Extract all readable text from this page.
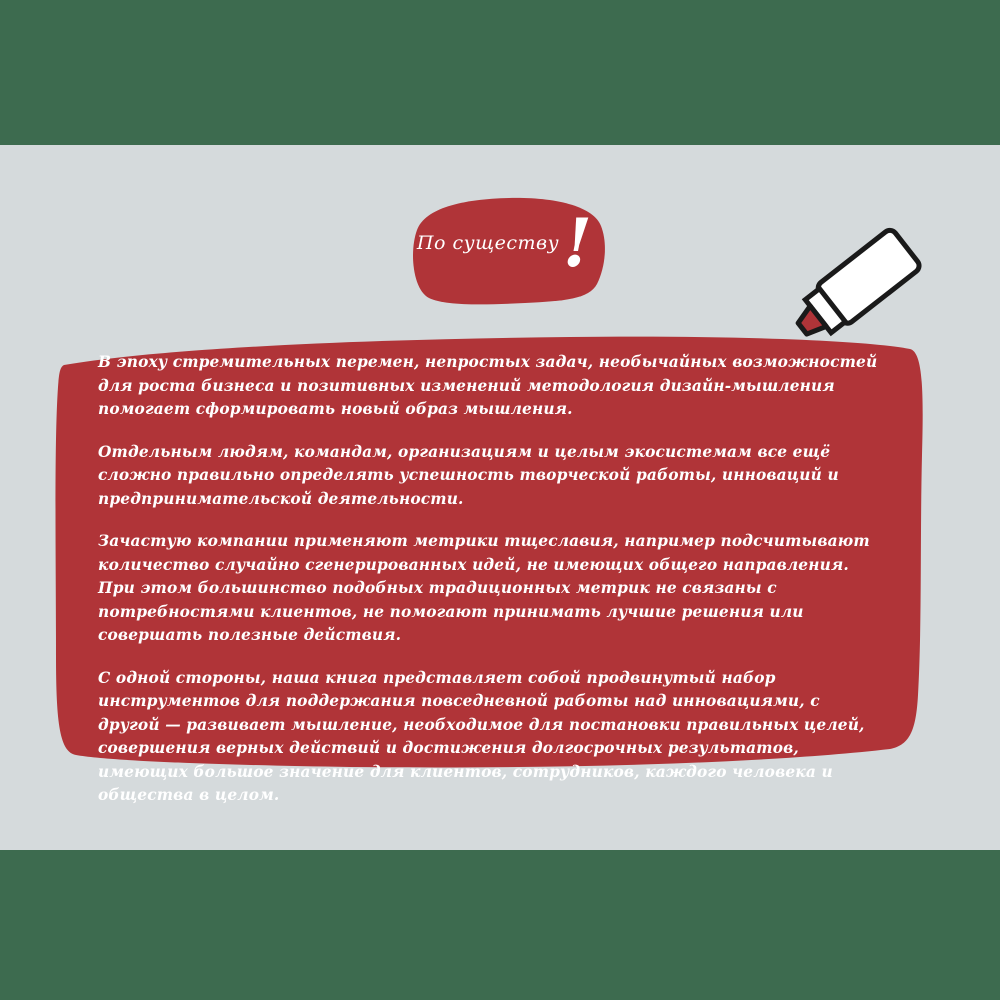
По существу !

В эпоху стремительных перемен, непростых задач, необычайных возможностей для роста бизнеса и позитивных изменений методология дизайн-мышления помогает сформировать новый образ мышления.

Отдельным людям, командам, организациям и целым экосистемам все ещё сложно правильно определять успешность творческой работы, инноваций и предпринимательской деятельности.

Зачастую компании применяют метрики тщеславия, например подсчитывают количество случайно сгенерированных идей, не имеющих общего направления. При этом большинство подобных традиционных метрик не связаны с потребностями клиентов, не помогают принимать лучшие решения или совершать полезные действия.

С одной стороны, наша книга представляет собой продвинутый набор инструментов для поддержания повседневной работы над инновациями, с другой — развивает мышление, необходимое для постановки правильных целей, совершения верных действий и достижения долгосрочных результатов, имеющих большое значение для клиентов, сотрудников, каждого человека и общества в целом.
